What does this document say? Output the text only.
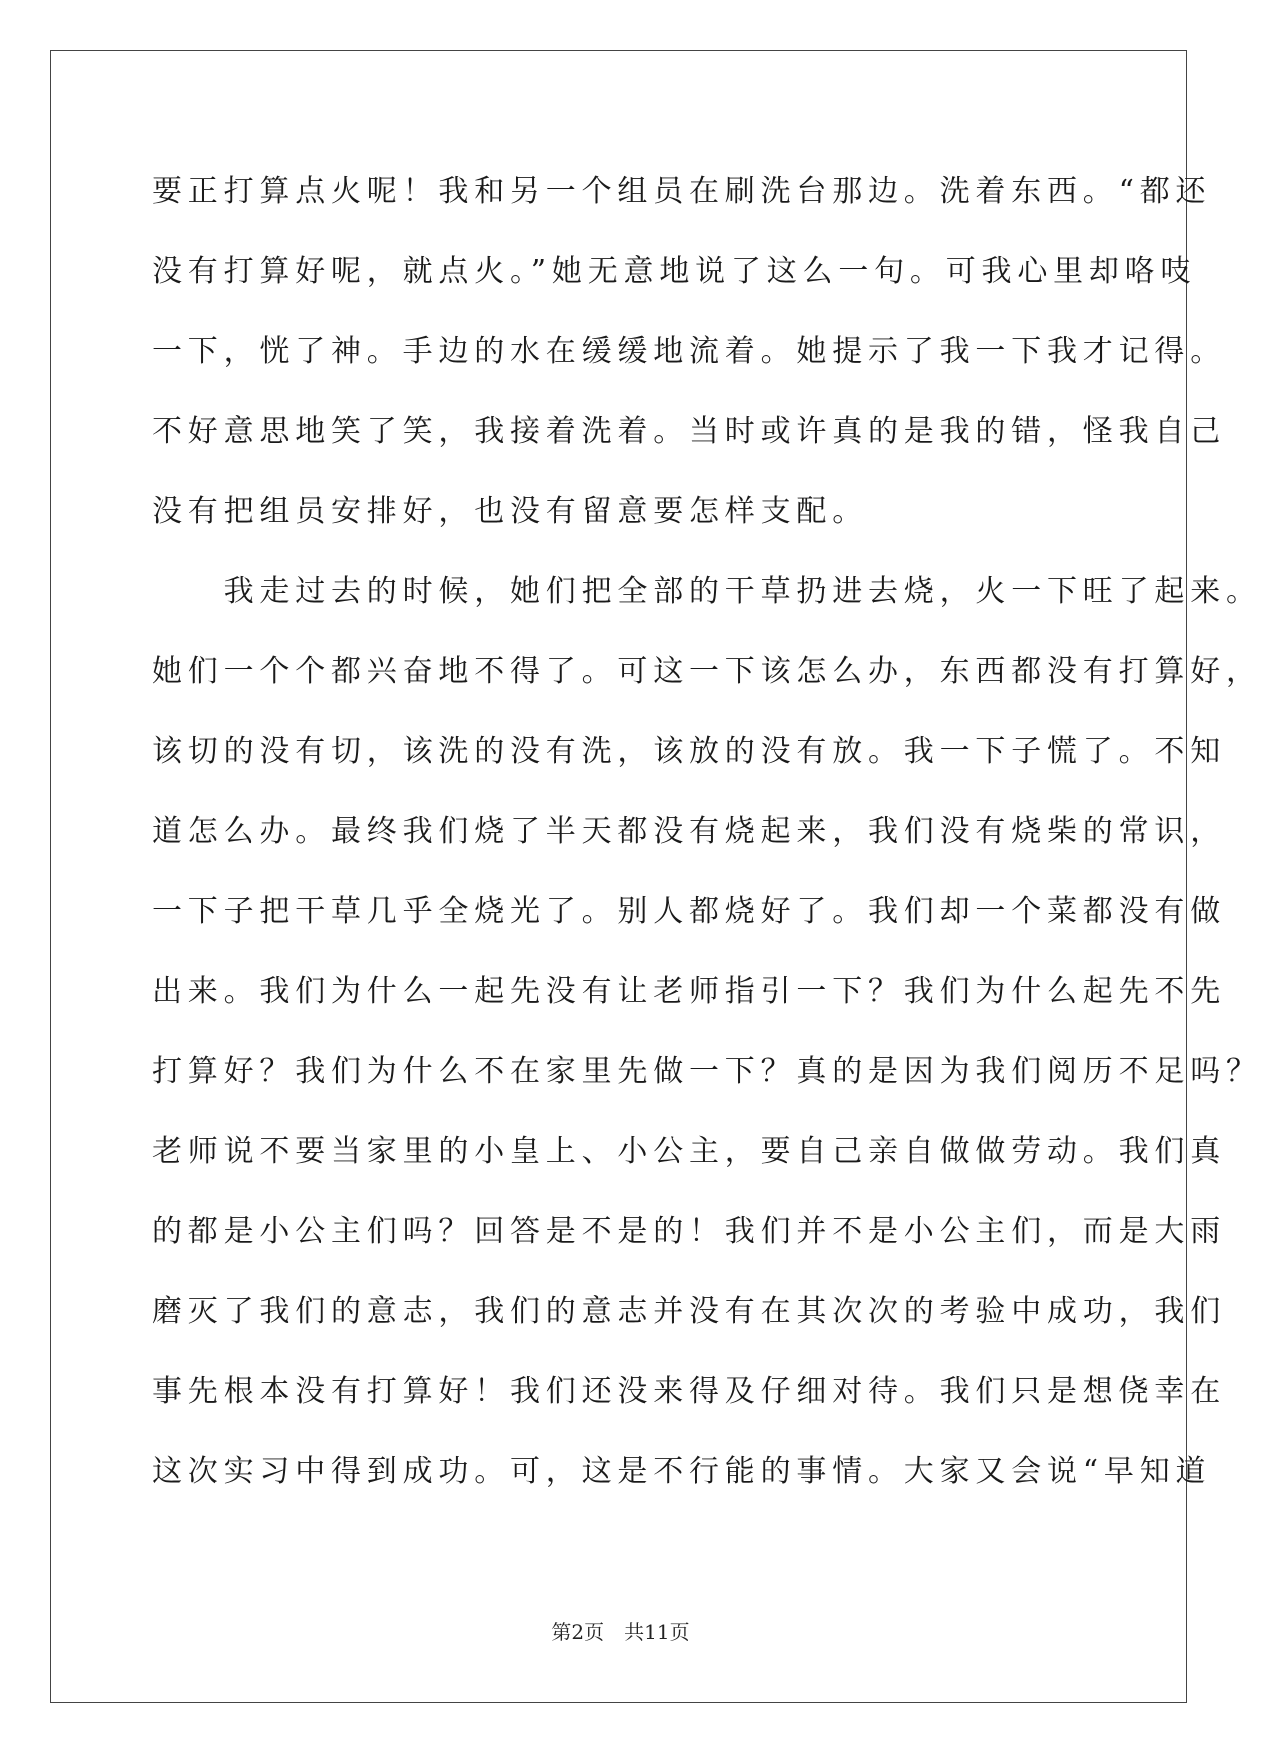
要正打算点火呢！我和另一个组员在刷洗台那边。洗着东西。“都还
没有打算好呢，就点火。”她无意地说了这么一句。可我心里却咯吱
一下，恍了神。手边的水在缓缓地流着。她提示了我一下我才记得。
不好意思地笑了笑，我接着洗着。当时或许真的是我的错，怪我自己
没有把组员安排好，也没有留意要怎样支配。
　　我走过去的时候，她们把全部的干草扔进去烧，火一下旺了起来。
她们一个个都兴奋地不得了。可这一下该怎么办，东西都没有打算好，
该切的没有切，该洗的没有洗，该放的没有放。我一下子慌了。不知
道怎么办。最终我们烧了半天都没有烧起来，我们没有烧柴的常识，
一下子把干草几乎全烧光了。别人都烧好了。我们却一个菜都没有做
出来。我们为什么一起先没有让老师指引一下？我们为什么起先不先
打算好？我们为什么不在家里先做一下？真的是因为我们阅历不足吗？
老师说不要当家里的小皇上、小公主，要自己亲自做做劳动。我们真
的都是小公主们吗？回答是不是的！我们并不是小公主们，而是大雨
磨灭了我们的意志，我们的意志并没有在其次次的考验中成功，我们
事先根本没有打算好！我们还没来得及仔细对待。我们只是想侥幸在
这次实习中得到成功。可，这是不行能的事情。大家又会说“早知道
第2页 共11页
